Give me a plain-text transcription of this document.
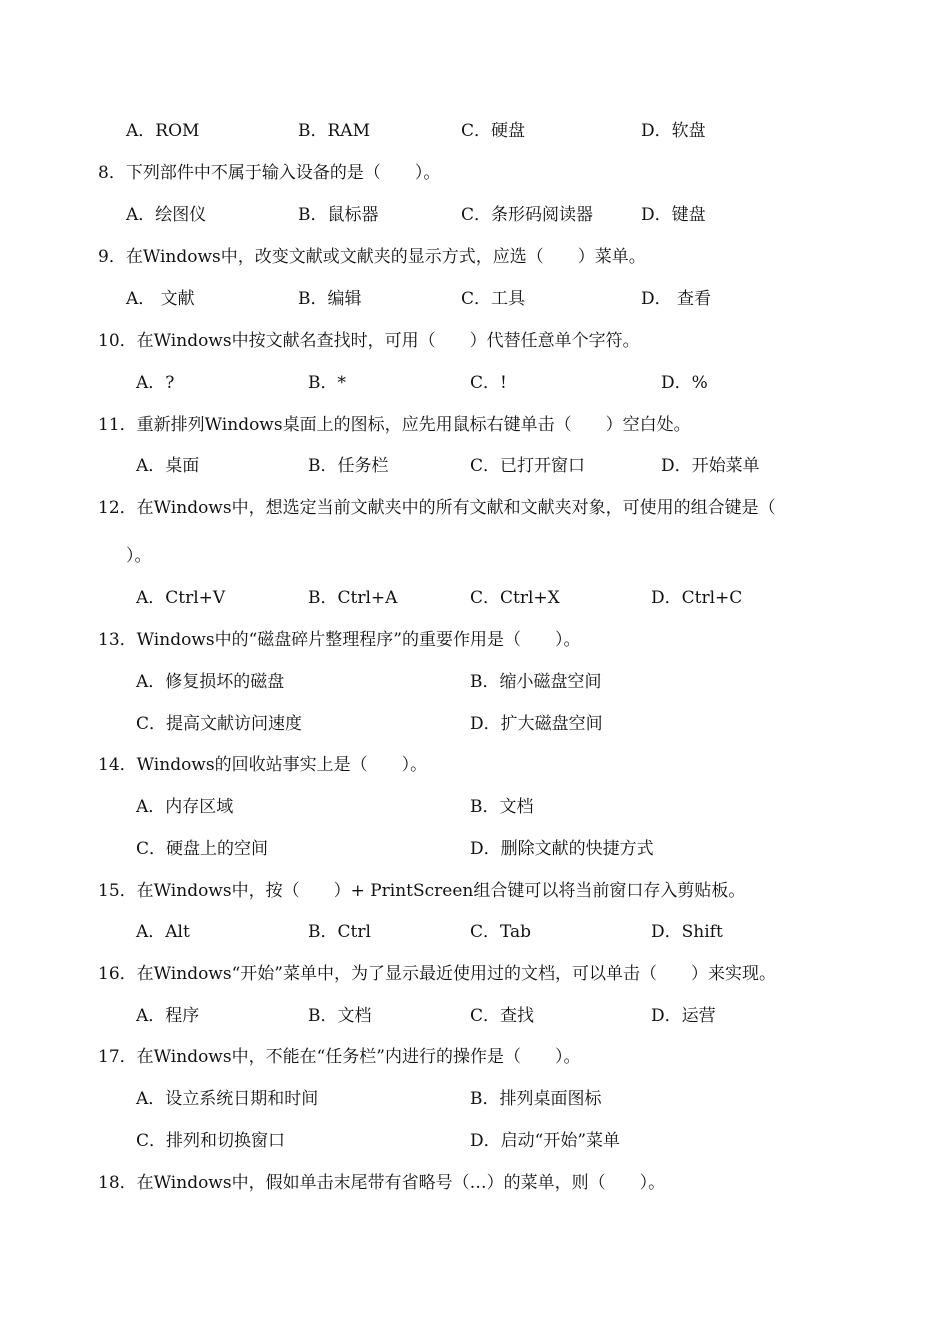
A．ROM	B．RAM	C．硬盘	D．软盘
8．下列部件中不属于输入设备的是（　　）。
A．绘图仪	B．鼠标器	C．条形码阅读器	D．键盘
9．在Windows中，改变文献或文献夹的显示方式，应选（　　）菜单。
A． 文献	B．编辑	C．工具	D． 查看
10．在Windows中按文献名查找时，可用（　　）代替任意单个字符。
A．?	B．*	C．!	D．%
11．重新排列Windows桌面上的图标，应先用鼠标右键单击（　　）空白处。
A．桌面	B．任务栏	C．已打开窗口	D．开始菜单
12．在Windows中，想选定当前文献夹中的所有文献和文献夹对象，可使用的组合键是（
）。
A．Ctrl+V	B．Ctrl+A	C．Ctrl+X	D．Ctrl+C
13．Windows中的“磁盘碎片整理程序”的重要作用是（　　）。
A．修复损坏的磁盘	B．缩小磁盘空间
C．提高文献访问速度	D．扩大磁盘空间
14．Windows的回收站事实上是（　　）。
A．内存区域	B．文档
C．硬盘上的空间	D．删除文献的快捷方式
15．在Windows中，按（　　）+ PrintScreen组合键可以将当前窗口存入剪贴板。
A．Alt	B．Ctrl	C．Tab	D．Shift
16．在Windows“开始”菜单中，为了显示最近使用过的文档，可以单击（　　）来实现。
A．程序	B．文档	C．查找	D．运营
17．在Windows中，不能在“任务栏”内进行的操作是（　　）。
A．设立系统日期和时间	B．排列桌面图标
C．排列和切换窗口	D．启动“开始”菜单
18．在Windows中，假如单击末尾带有省略号（…）的菜单，则（　　）。
